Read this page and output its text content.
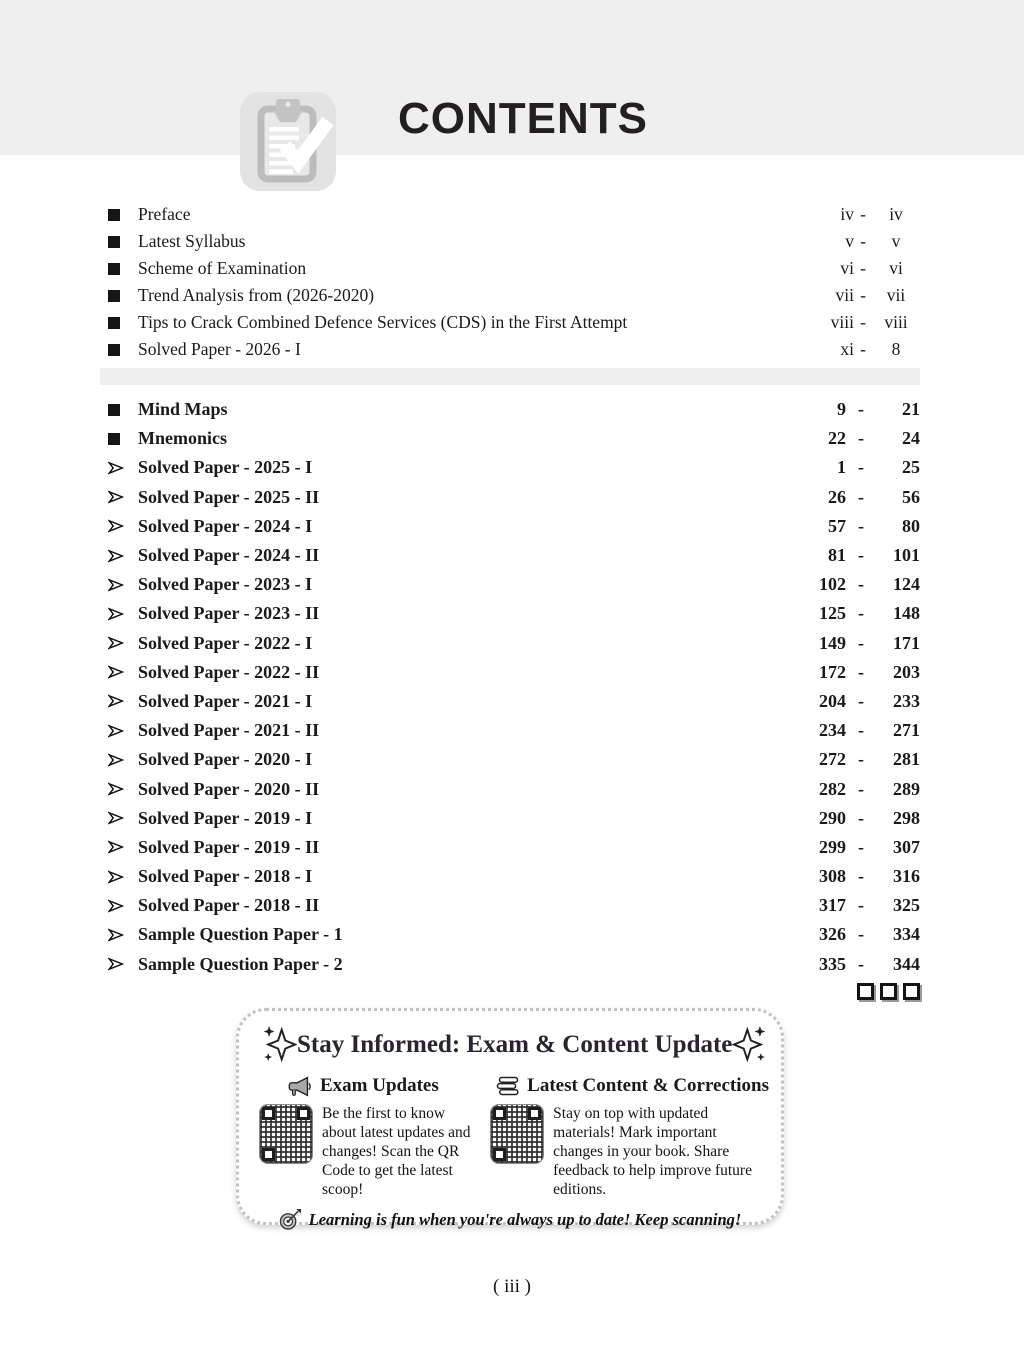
CONTENTS
Preface	iv -	iv
Latest Syllabus	v -	v
Scheme of Examination	vi -	vi
Trend Analysis from (2026-2020)	vii -	vii
Tips to Crack Combined Defence Services (CDS) in the First Attempt	viii -	viii
Solved Paper - 2026 - I	xi -	8
Mind Maps	9 -	21
Mnemonics	22 -	24
Solved Paper - 2025 - I	1 -	25
Solved Paper - 2025 - II	26 -	56
Solved Paper - 2024 - I	57 -	80
Solved Paper - 2024 - II	81 -	101
Solved Paper - 2023 - I	102 -	124
Solved Paper - 2023 - II	125 -	148
Solved Paper - 2022 - I	149 -	171
Solved Paper - 2022 - II	172 -	203
Solved Paper - 2021 - I	204 -	233
Solved Paper - 2021 - II	234 -	271
Solved Paper - 2020 - I	272 -	281
Solved Paper - 2020 - II	282 -	289
Solved Paper - 2019 - I	290 -	298
Solved Paper - 2019 - II	299 -	307
Solved Paper - 2018 - I	308 -	316
Solved Paper - 2018 - II	317 -	325
Sample Question Paper - 1	326 -	334
Sample Question Paper - 2	335 -	344
Stay Informed: Exam & Content Update
Exam Updates

Be the first to know about latest updates and changes! Scan the QR Code to get the latest scoop!

Latest Content & Corrections

Stay on top with updated materials! Mark important changes in your book. Share feedback to help improve future editions.

Learning is fun when you're always up to date! Keep scanning!
( iii )
